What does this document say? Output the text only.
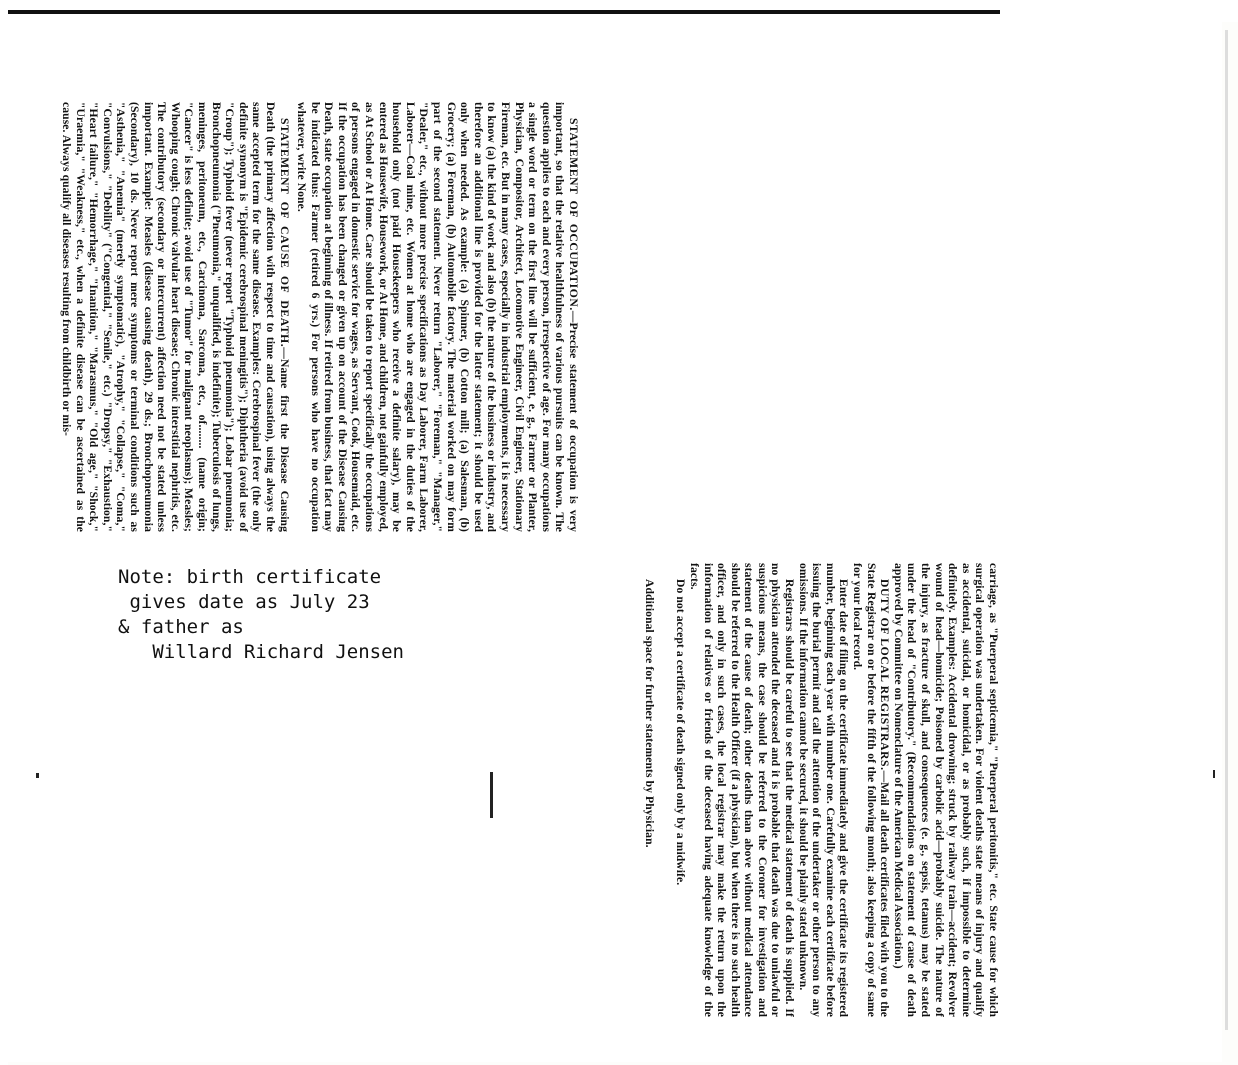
STATEMENT OF OCCUPATION.—Precise statement of occupation is very important, so that the relative healthfulness of various pursuits can be known. The question applies to each and every person, irrespective of age. For many occupations a single word or term on the first line will be sufficient, e. g., Farmer or Planter, Physician, Compositor, Architect, Locomotive Engineer, Civil Engineer, Stationary Fireman, etc. But in many cases, especially in industrial employments, it is necessary to know (a) the kind of work and also (b) the nature of the business or industry, and therefore an additional line is provided for the latter statement; it should be used only when needed. As example: (a) Spinner, (b) Cotton mill; (a) Salesman, (b) Grocery; (a) Foreman, (b) Automobile factory. The material worked on may form part of the second statement. Never return "Laborer," "Foreman," "Manager," "Dealer," etc., without more precise specifications as Day Laborer, Farm Laborer, Laborer—Coal mine, etc. Women at home who are engaged in the duties of the household only (not paid Housekeepers who receive a definite salary), may be entered as Housewife, Housework, or At Home, and children, not gainfully employed, as At School or At Home. Care should be taken to report specifically the occupations of persons engaged in domestic service for wages, as Servant, Cook, Housemaid, etc. If the occupation has been changed or given up on account of the Disease Causing Death, state occupation at beginning of illness. If retired from business, that fact may be indicated thus: Farmer (retired 6 yrs.) For persons who have no occupation whatever, write None.

STATEMENT OF CAUSE OF DEATH.—Name first the Disease Causing Death (the primary affection with respect to time and causation), using always the same accepted term for the same disease. Examples: Cerebrospinal fever (the only definite synonym is "Epidemic cerebrospinal meningitis"); Diphtheria (avoid use of "Croup"); Typhoid fever (never report "Typhoid pneumonia"); Lobar pneumonia; Bronchopneumonia ("Pneumonia," unqualified, is indefinite); Tuberculosis of lungs, meninges, peritoneum, etc., Carcinoma, Sarcoma, etc., of........ (name origin; "Cancer" is less definite; avoid use of "Tumor" for malignant neoplasms); Measles; Whooping cough; Chronic valvular heart disease; Chronic interstitial nephritis, etc. The contributory (secondary or intercurrent) affection need not be stated unless important. Example: Measles (disease causing death), 29 ds.; Bronchopneumonia (Secondary), 10 ds. Never report mere symptoms or terminal conditions such as "Asthenia," "Anemia" (merely symptomatic), "Atrophy," "Collapse," "Coma," "Convulsions," "Debility" ("Congenital," "Senile," etc.) "Dropsy," "Exhaustion," "Heart failure," "Hemorrhage," "Inanition," "Marasmus," "Old age," "Shock," "Uraemia," "Weakness," etc., when a definite disease can be ascertained as the cause. Always qualify all diseases resulting from childbirth or mis-

carriage, as "Puerperal septicemia," "Puerperal peritonitis," etc. State cause for which surgical operation was undertaken. For violent deaths state means of injury and qualify as accidental, suicidal, or homicidal, or as probably such, if impossible to determine definitely. Examples: Accidental drowning; struck by railway train—accident; Revolver wound of head—homicide; Poisoned by carbolic acid—probably suicide. The nature of the injury, as fracture of skull, and consequences (e. g., sepsis, tetanus) may be stated under the head of "Contributory." (Recommendations on statement of cause of death approved by Committee on Nomenclature of the American Medical Association.)

DUTY OF LOCAL REGISTRARS.—Mail all death certificates filed with you to the State Registrar on or before the fifth of the following month; also keeping a copy of same for your local record.

Enter date of filing on the certificate immediately and give the certificate its registered number, beginning each year with number one. Carefully examine each certificate before issuing the burial permit and call the attention of the undertaker or other person to any omissions. If the information cannot be secured, it should be plainly stated unknown.

Registrars should be careful to see that the medical statement of death is supplied. If no physician attended the deceased and it is probable that death was due to unlawful or suspicious means, the case should be referred to the Coroner for investigation and statement of the cause of death; other deaths than above without medical attendance should be referred to the Health Officer (if a physician), but when there is no such health officer, and only in such cases, the local registrar may make the return upon the information of relatives or friends of the deceased having adequate knowledge of the facts.

Do not accept a certificate of death signed only by a midwife.

Additional space for further statements by Physician.

Note: birth certificate
gives date as July 23
& father as
Willard Richard Jensen
